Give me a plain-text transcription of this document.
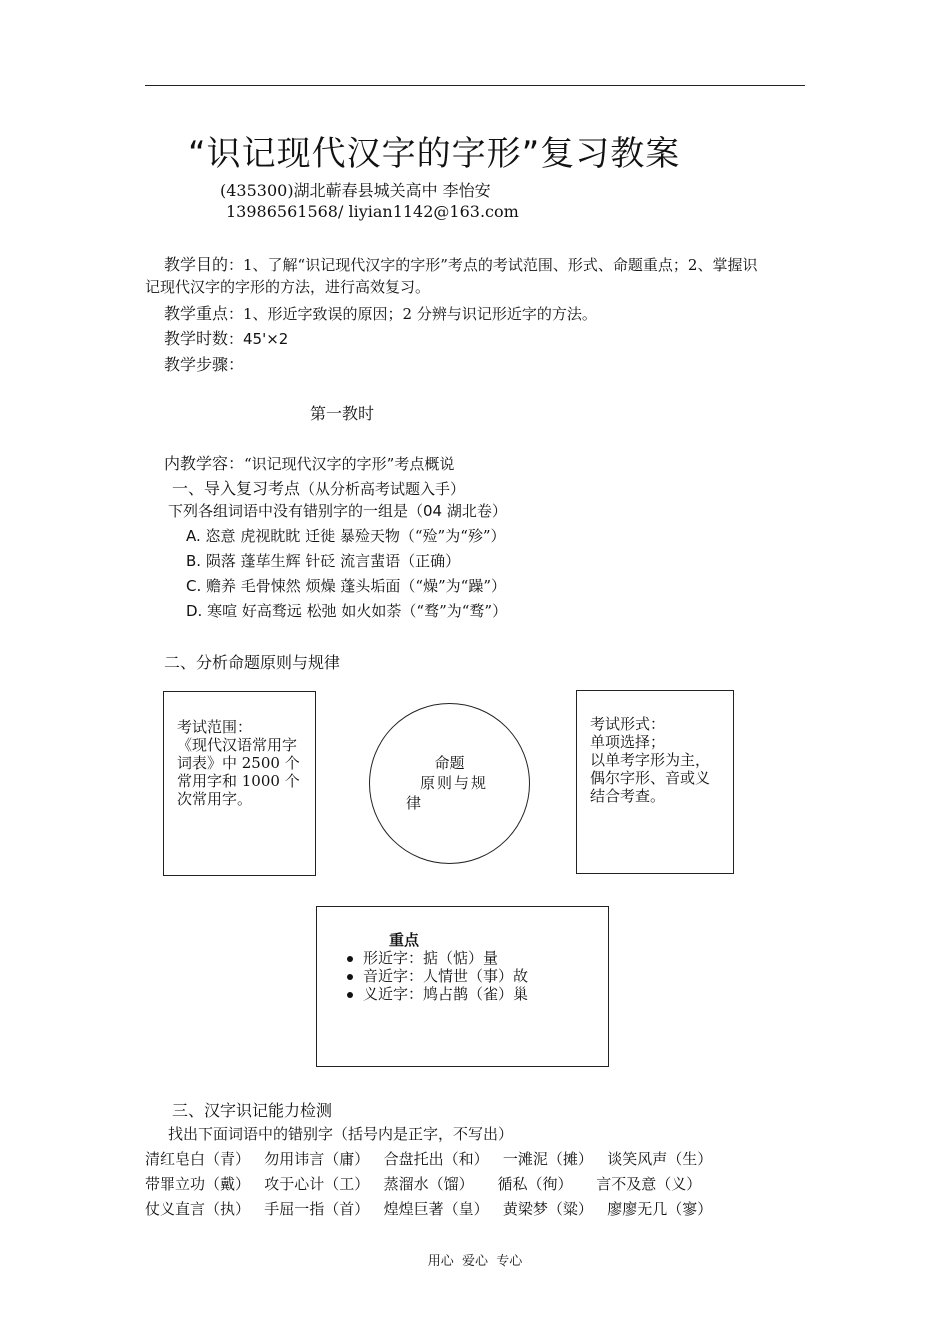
“识记现代汉字的字形”复习教案
(435300)湖北蕲春县城关高中 李怡安
13986561568/ liyian1142@163.com
教学目的：1、了解“识记现代汉字的字形”考点的考试范围、形式、命题重点；2、掌握识
记现代汉字的字形的方法，进行高效复习。
教学重点：1、形近字致误的原因；2 分辨与识记形近字的方法。
教学时数：45'×2
教学步骤：
第一教时
内教学容：“识记现代汉字的字形”考点概说
一、导入复习考点（从分析高考试题入手）
下列各组词语中没有错别字的一组是（04 湖北卷）
A. 恣意 虎视眈眈 迁徙 暴殓天物（“殓”为“殄”）
B. 陨落 蓬荜生辉 针砭 流言蜚语（正确）
C. 赡养 毛骨悚然 烦燥 蓬头垢面（“燥”为“躁”）
D. 寒喧 好高骛远 松弛 如火如荼（“骛”为“骛”）
二、分析命题原则与规律
考试范围：
《现代汉语常用字词表》中 2500 个常用字和 1000 个次常用字。
命题
原则与规
律
考试形式：
单项选择；
以单考字形为主，偶尔字形、音或义结合考查。
重点
形近字：掂（惦）量
音近字：人情世（事）故
义近字：鸠占鹊（雀）巢
三、汉字识记能力检测
找出下面词语中的错别字（括号内是正字，不写出）
清红皂白（青）   勿用讳言（庸）   合盘托出（和）   一滩泥（摊）   谈笑风声（生）
带罪立功（戴）   攻于心计（工）   蒸溜水（馏）     循私（徇）     言不及意（义）
仗义直言（执）   手屈一指（首）   煌煌巨著（皇）   黄梁梦（粱）   廖廖无几（寥）
用心  爱心  专心
